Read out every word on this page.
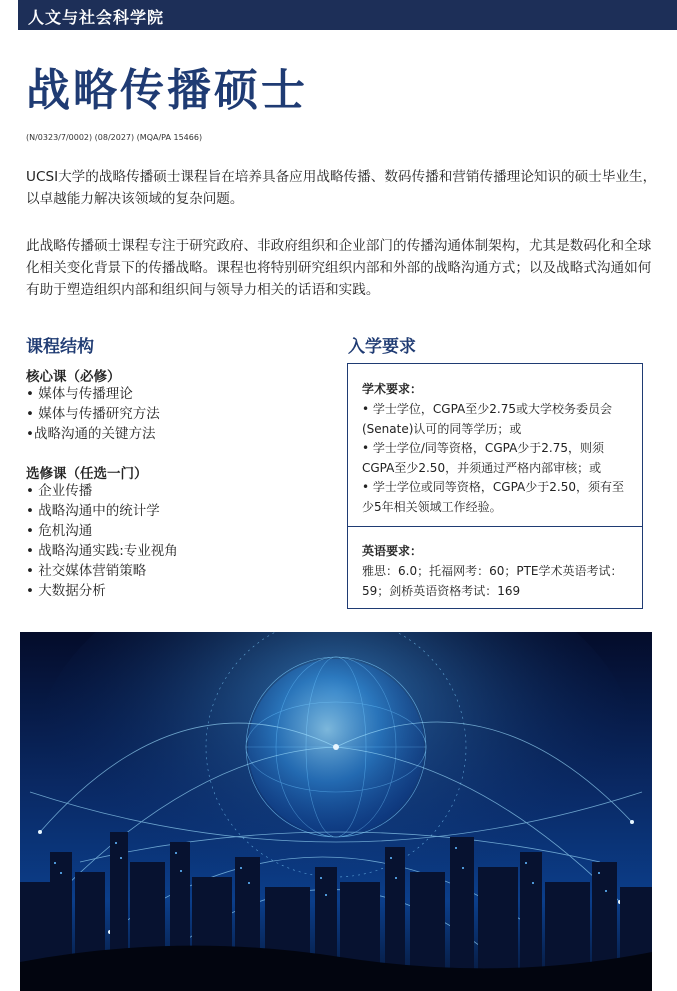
人文与社会科学院
战略传播硕士
(N/0323/7/0002) (08/2027) (MQA/PA 15466)

UCSI大学的战略传播硕士课程旨在培养具备应用战略传播、数码传播和营销传播理论知识的硕士毕业生，以卓越能力解决该领域的复杂问题。

此战略传播硕士课程专注于研究政府、非政府组织和企业部门的传播沟通体制架构，尤其是数码化和全球化相关变化背景下的传播战略。课程也将特别研究组织内部和外部的战略沟通方式；以及战略式沟通如何有助于塑造组织内部和组织间与领导力相关的话语和实践。

课程结构
核心课（必修）
• 媒体与传播理论
• 媒体与传播研究方法
•战略沟通的关键方法
选修课（任选一门）
• 企业传播
• 战略沟通中的统计学
• 危机沟通
• 战略沟通实践:专业视角
• 社交媒体营销策略
• 大数据分析
入学要求
学术要求：
• 学士学位，CGPA至少2.75或大学校务委员会(Senate)认可的同等学历；或
• 学士学位/同等资格，CGPA少于2.75，则须CGPA至少2.50，并须通过严格内部审核；或
• 学士学位或同等资格，CGPA少于2.50，须有至少5年相关领域工作经验。
英语要求：
雅思：6.0；托福网考：60；PTE学术英语考试：59；剑桥英语资格考试：169
